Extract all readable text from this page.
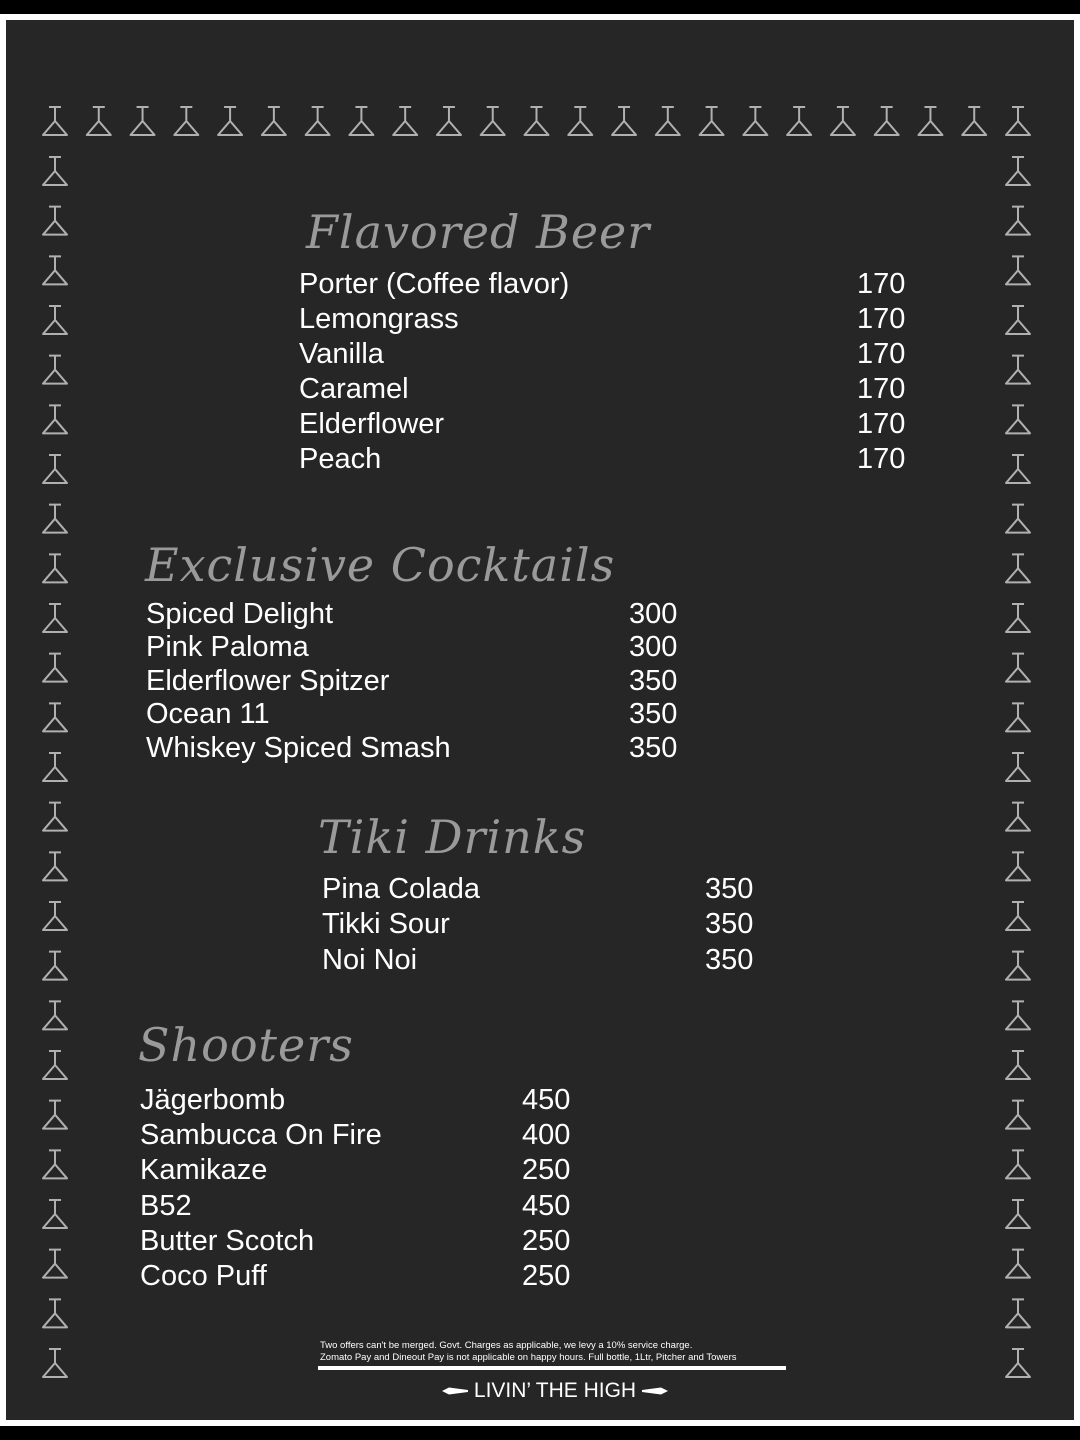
Flavored Beer
Porter (Coffee flavor)	170
Lemongrass	170
Vanilla	170
Caramel	170
Elderflower	170
Peach	170
Exclusive Cocktails
Spiced Delight	300
Pink Paloma	300
Elderflower Spitzer	350
Ocean 11	350
Whiskey Spiced Smash	350
Tiki Drinks
Pina Colada	350
Tikki Sour	350
Noi Noi	350
Shooters
Jägerbomb	450
Sambucca On Fire	400
Kamikaze	250
B52	450
Butter Scotch	250
Coco Puff	250
Two offers can't be merged. Govt. Charges as applicable, we levy a 10% service charge.
Zomato Pay and Dineout Pay is not applicable on happy hours. Full bottle, 1Ltr, Pitcher and Towers
LIVIN’ THE HIGH
